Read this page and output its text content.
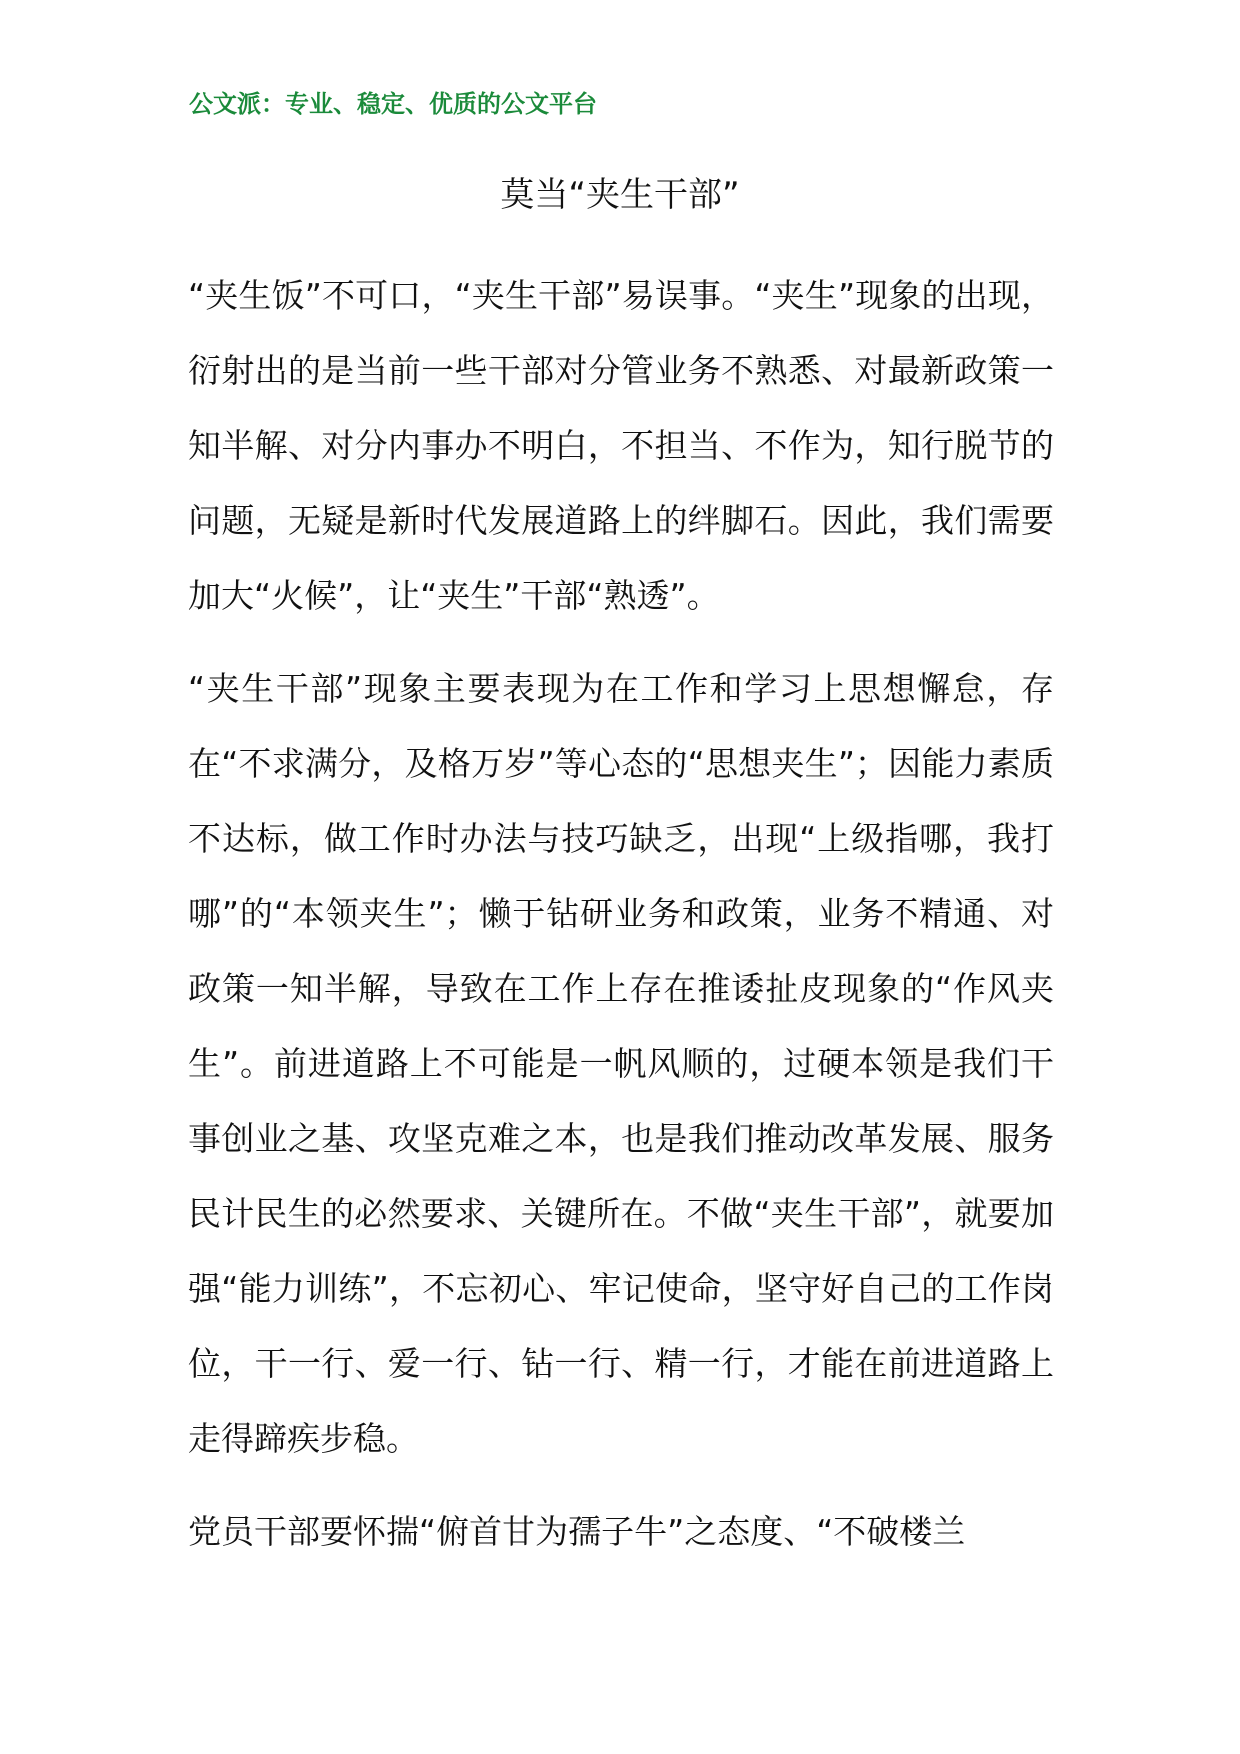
公文派：专业、稳定、优质的公文平台
莫当“夹生干部”

“夹生饭”不可口，“夹生干部”易误事。“夹生”现象的出现，衍射出的是当前一些干部对分管业务不熟悉、对最新政策一知半解、对分内事办不明白，不担当、不作为，知行脱节的问题，无疑是新时代发展道路上的绊脚石。因此，我们需要加大“火候”，让“夹生”干部“熟透”。

“夹生干部”现象主要表现为在工作和学习上思想懈怠，存在“不求满分，及格万岁”等心态的“思想夹生”；因能力素质不达标，做工作时办法与技巧缺乏，出现“上级指哪，我打哪”的“本领夹生”；懒于钻研业务和政策，业务不精通、对政策一知半解，导致在工作上存在推诿扯皮现象的“作风夹生”。前进道路上不可能是一帆风顺的，过硬本领是我们干事创业之基、攻坚克难之本，也是我们推动改革发展、服务民计民生的必然要求、关键所在。不做“夹生干部”，就要加强“能力训练”，不忘初心、牢记使命，坚守好自己的工作岗位，干一行、爱一行、钻一行、精一行，才能在前进道路上走得蹄疾步稳。

党员干部要怀揣“俯首甘为孺子牛”之态度、“不破楼兰
